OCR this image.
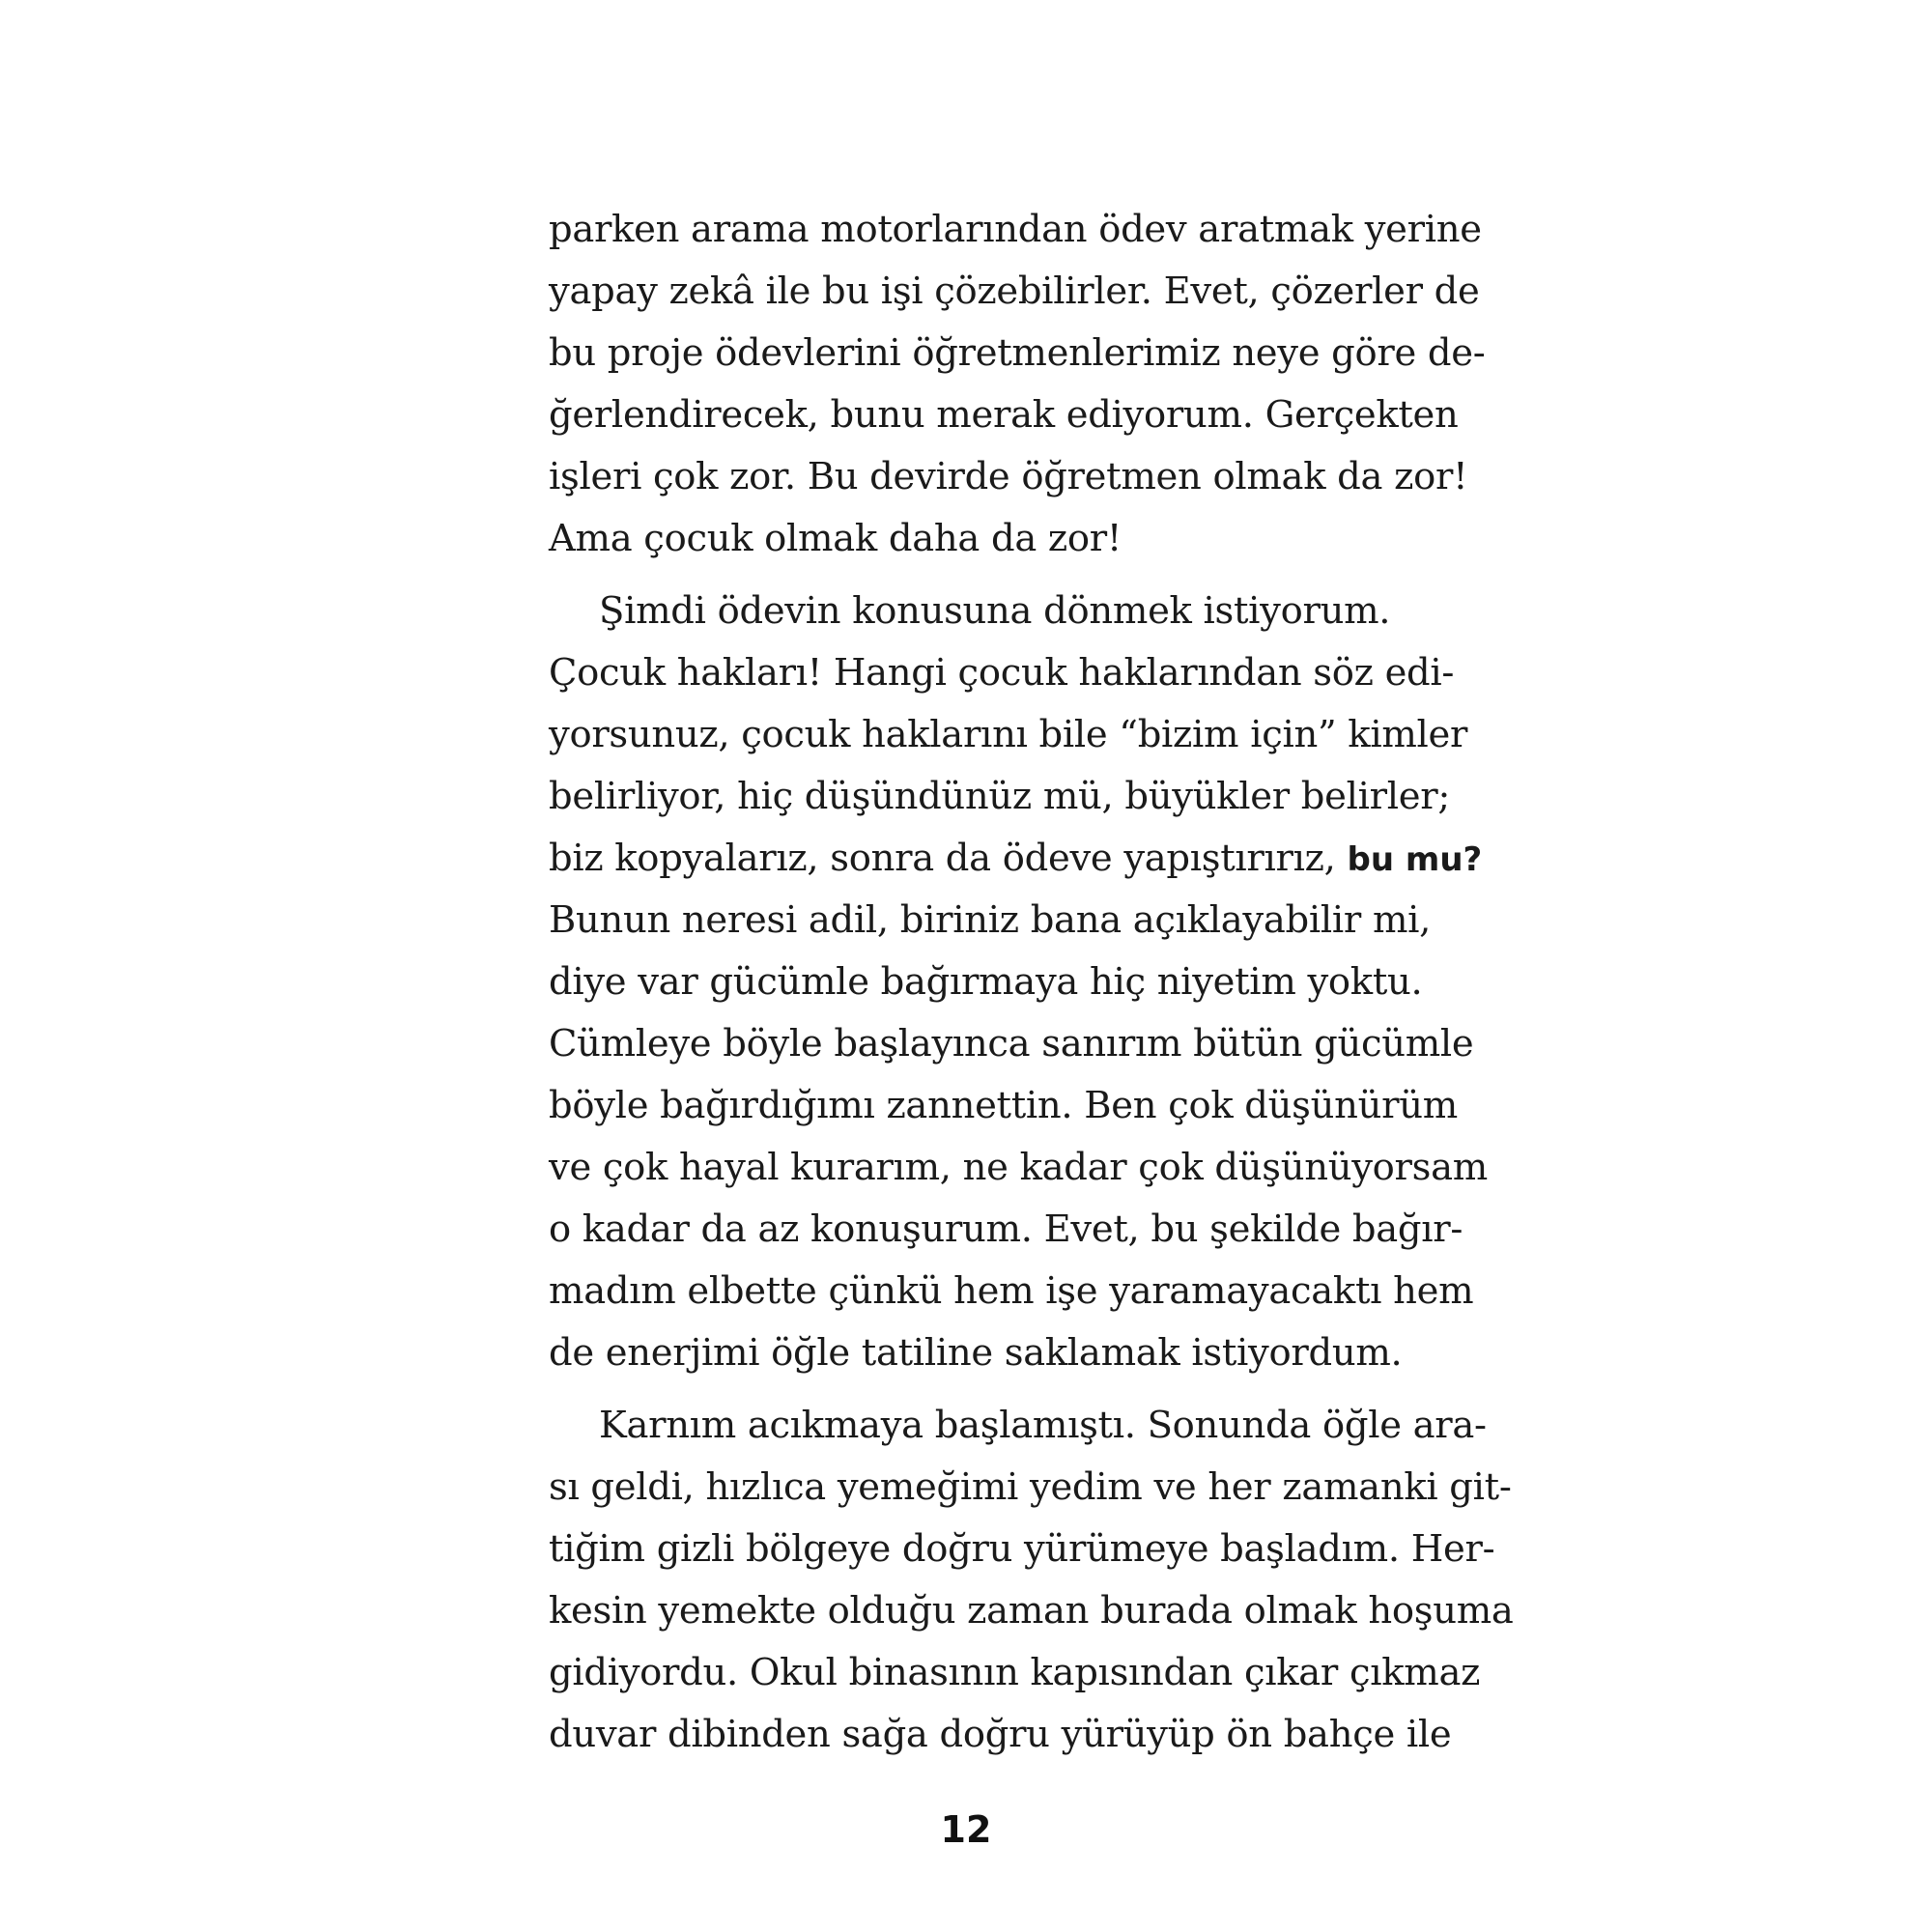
parken arama motorlarından ödev aratmak yerine
yapay zekâ ile bu işi çözebilirler. Evet, çözerler de
bu proje ödevlerini öğretmenlerimiz neye göre de-
ğerlendirecek, bunu merak ediyorum. Gerçekten
işleri çok zor. Bu devirde öğretmen olmak da zor!
Ama çocuk olmak daha da zor!
Şimdi ödevin konusuna dönmek istiyorum.
Çocuk hakları! Hangi çocuk haklarından söz edi-
yorsunuz, çocuk haklarını bile “bizim için” kimler
belirliyor, hiç düşündünüz mü, büyükler belirler;
biz kopyalarız, sonra da ödeve yapıştırırız, bu mu?
Bunun neresi adil, biriniz bana açıklayabilir mi,
diye var gücümle bağırmaya hiç niyetim yoktu.
Cümleye böyle başlayınca sanırım bütün gücümle
böyle bağırdığımı zannettin. Ben çok düşünürüm
ve çok hayal kurarım, ne kadar çok düşünüyorsam
o kadar da az konuşurum. Evet, bu şekilde bağır-
madım elbette çünkü hem işe yaramayacaktı hem
de enerjimi öğle tatiline saklamak istiyordum.
Karnım acıkmaya başlamıştı. Sonunda öğle ara-
sı geldi, hızlıca yemeğimi yedim ve her zamanki git-
tiğim gizli bölgeye doğru yürümeye başladım. Her-
kesin yemekte olduğu zaman burada olmak hoşuma
gidiyordu. Okul binasının kapısından çıkar çıkmaz
duvar dibinden sağa doğru yürüyüp ön bahçe ile
12
